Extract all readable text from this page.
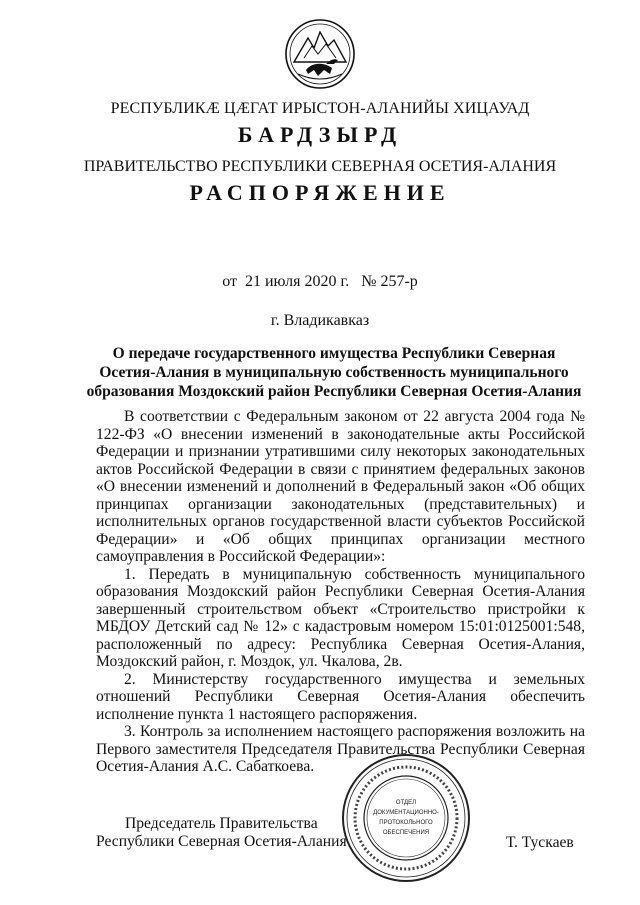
РЕСПУБЛИКӔ ЦӔГАТ ИРЫСТОН-АЛАНИЙЫ ХИЦАУАД
БАРДЗЫРД
ПРАВИТЕЛЬСТВО РЕСПУБЛИКИ СЕВЕРНАЯ ОСЕТИЯ-АЛАНИЯ
РАСПОРЯЖЕНИЕ
от 21 июля 2020 г. № 257-р
г. Владикавказ
О передаче государственного имущества Республики Северная
Осетия-Алания в муниципальную собственность муниципального
образования Моздокский район Республики Северная Осетия-Алания

В соответствии с Федеральным законом от 22 августа 2004 года № 122-ФЗ «О внесении изменений в законодательные акты Российской Федерации и признании утратившими силу некоторых законодательных актов Российской Федерации в связи с принятием федеральных законов «О внесении изменений и дополнений в Федеральный закон «Об общих принципах организации законодательных (представительных) и исполнительных органов государственной власти субъектов Российской Федерации» и «Об общих принципах организации местного самоуправления в Российской Федерации»:

1. Передать в муниципальную собственность муниципального образования Моздокский район Республики Северная Осетия-Алания завершенный строительством объект «Строительство пристройки к МБДОУ Детский сад № 12» с кадастровым номером 15:01:0125001:548, расположенный по адресу: Республика Северная Осетия-Алания, Моздокский район, г. Моздок, ул. Чкалова, 2в.

2. Министерству государственного имущества и земельных отношений Республики Северная Осетия-Алания обеспечить исполнение пункта 1 настоящего распоряжения.

3. Контроль за исполнением настоящего распоряжения возложить на Первого заместителя Председателя Правительства Республики Северная Осетия-Алания А.С. Сабаткоева.

Председатель Правительства
Республики Северная Осетия-Алания
ОТДЕЛ
ДОКУМЕНТАЦИОННО-
ПРОТОКОЛЬНОГО
ОБЕСПЕЧЕНИЯ
Т. Тускаев
